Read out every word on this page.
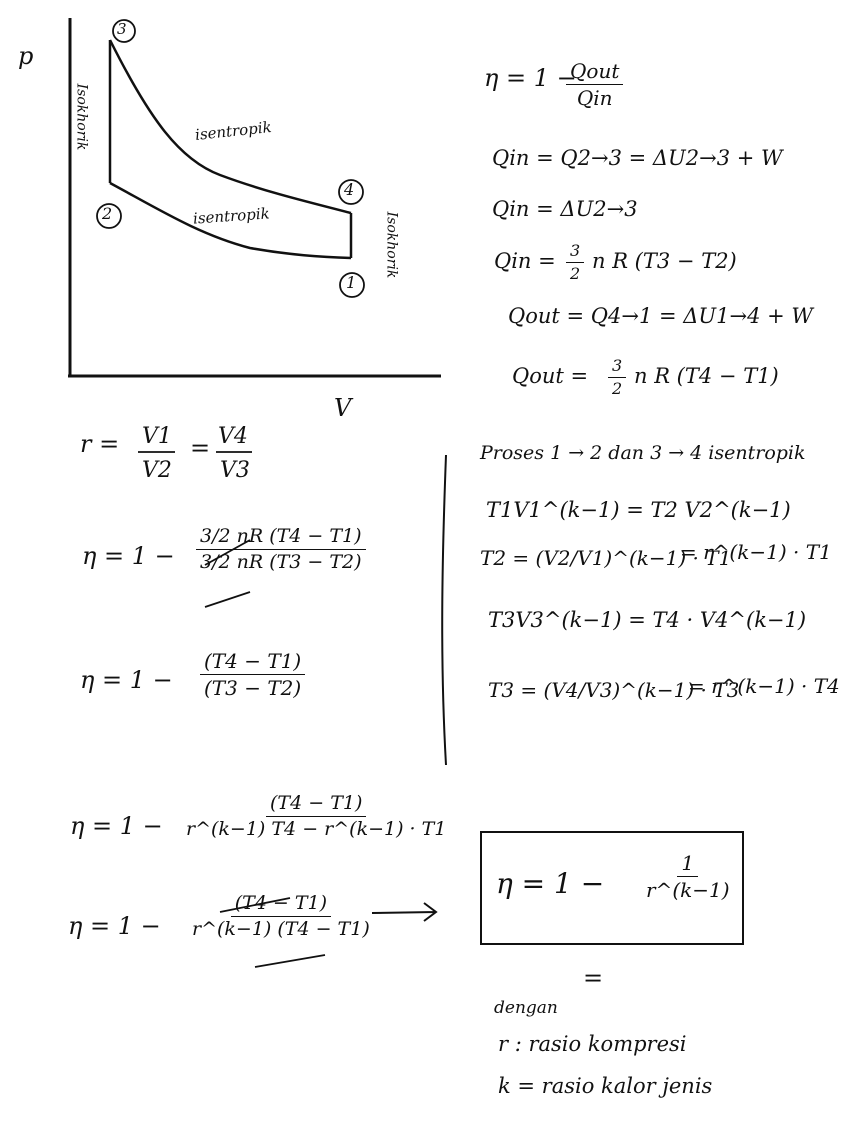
p
V
3
2
4
1
Isokhorik
Isokhorik
isentropik
isentropik
η = 1 −
Qout
Qin
Qin = Q2→3 = ΔU2→3 + W
Qin = ΔU2→3
Qin = $\frac{3}{2}$ n R (T3 − T2)
Qout = Q4→1 = ΔU1→4 + W
Qout = $\frac{3}{2}$ n R (T4 − T1)
r = V1
V2
= V4
V3
$\eta = 1 - \frac{3/2 nR (T4 - T1)}{3/2 nR (T3 - T2)}$
$\eta = 1 - \frac{(T4 - T1)}{(T3 - T2)}$
Proses 1 → 2 dan 3 → 4 isentropik
T1V1^(k−1) = T2 V2^(k−1)
T2 = (V2/V1)^(k−1) · T1
= r^(k−1) · T1
T3V3^(k−1) = T4 · V4^(k−1)
T3 = (V4/V3)^(k−1) · T3
= r^(k−1) · T4
$\eta = 1 - \frac{(T4 - T1)}{r\^{}(k-1) T4 - r\^{}(k-1) \cdot T1}$
$\eta = 1 - \frac{(T4 - T1)}{r\^{}(k-1) (T4 - T1)}$
$\eta = 1 - \frac{1}{r\^{}(k-1)}$
=
dengan
r : rasio kompresi
k = rasio kalor jenis
